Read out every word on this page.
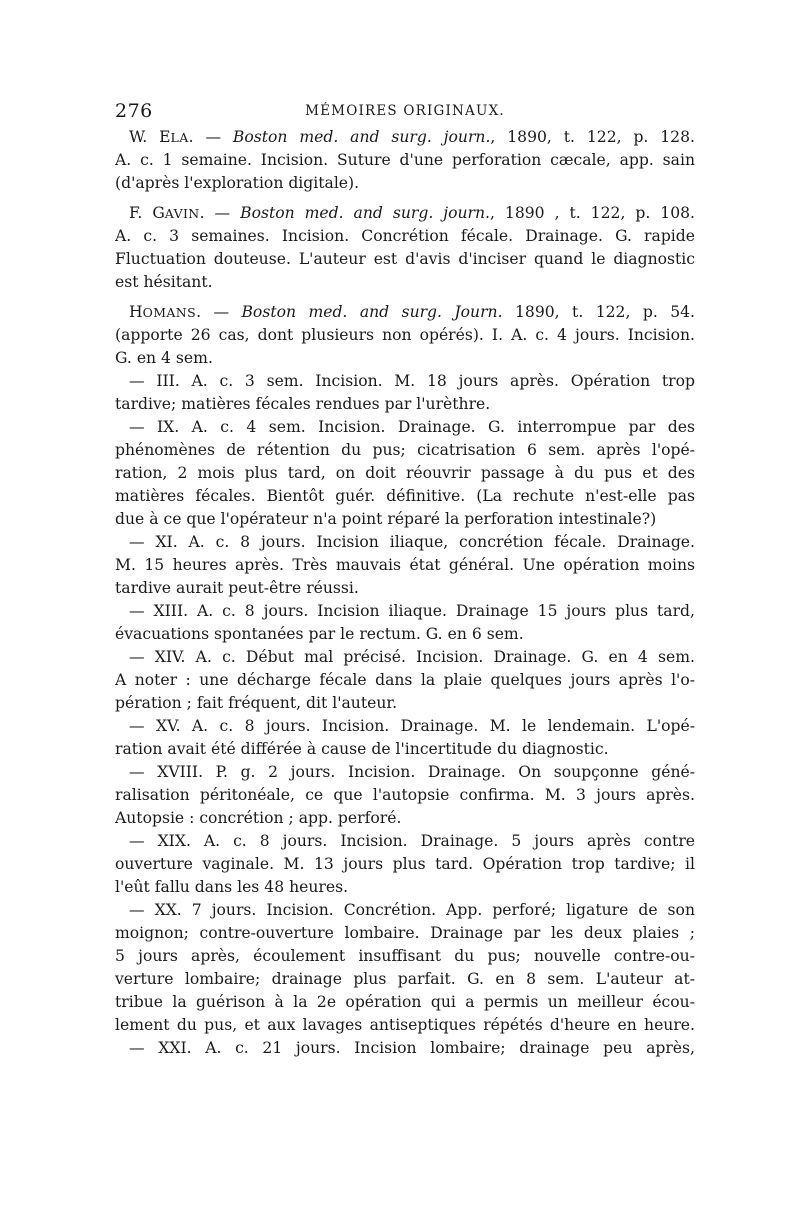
276	MÉMOIRES ORIGINAUX.
W. ELA. — Boston med. and surg. journ., 1890, t. 122, p. 128.
A. c. 1 semaine. Incision. Suture d'une perforation cæcale, app. sain
(d'après l'exploration digitale).
F. GAVIN. — Boston med. and surg. journ., 1890 , t. 122, p. 108.
A. c. 3 semaines. Incision. Concrétion fécale. Drainage. G. rapide
Fluctuation douteuse. L'auteur est d'avis d'inciser quand le diagnostic
est hésitant.
HOMANS. — Boston med. and surg. Journ. 1890, t. 122, p. 54.
(apporte 26 cas, dont plusieurs non opérés). I. A. c. 4 jours. Incision.
G. en 4 sem.
— III. A. c. 3 sem. Incision. M. 18 jours après. Opération trop
tardive; matières fécales rendues par l'urèthre.
— IX. A. c. 4 sem. Incision. Drainage. G. interrompue par des
phénomènes de rétention du pus; cicatrisation 6 sem. après l'opé-
ration, 2 mois plus tard, on doit réouvrir passage à du pus et des
matières fécales. Bientôt guér. définitive. (La rechute n'est-elle pas
due à ce que l'opérateur n'a point réparé la perforation intestinale?)
— XI. A. c. 8 jours. Incision iliaque, concrétion fécale. Drainage.
M. 15 heures après. Très mauvais état général. Une opération moins
tardive aurait peut-être réussi.
— XIII. A. c. 8 jours. Incision iliaque. Drainage 15 jours plus tard,
évacuations spontanées par le rectum. G. en 6 sem.
— XIV. A. c. Début mal précisé. Incision. Drainage. G. en 4 sem.
A noter : une décharge fécale dans la plaie quelques jours après l'o-
pération ; fait fréquent, dit l'auteur.
— XV. A. c. 8 jours. Incision. Drainage. M. le lendemain. L'opé-
ration avait été différée à cause de l'incertitude du diagnostic.
— XVIII. P. g. 2 jours. Incision. Drainage. On soupçonne géné-
ralisation péritonéale, ce que l'autopsie confirma. M. 3 jours après.
Autopsie : concrétion ; app. perforé.
— XIX. A. c. 8 jours. Incision. Drainage. 5 jours après contre
ouverture vaginale. M. 13 jours plus tard. Opération trop tardive; il
l'eût fallu dans les 48 heures.
— XX. 7 jours. Incision. Concrétion. App. perforé; ligature de son
moignon; contre-ouverture lombaire. Drainage par les deux plaies ;
5 jours après, écoulement insuffisant du pus; nouvelle contre-ou-
verture lombaire; drainage plus parfait. G. en 8 sem. L'auteur at-
tribue la guérison à la 2e opération qui a permis un meilleur écou-
lement du pus, et aux lavages antiseptiques répétés d'heure en heure.
— XXI. A. c. 21 jours. Incision lombaire; drainage peu après,
